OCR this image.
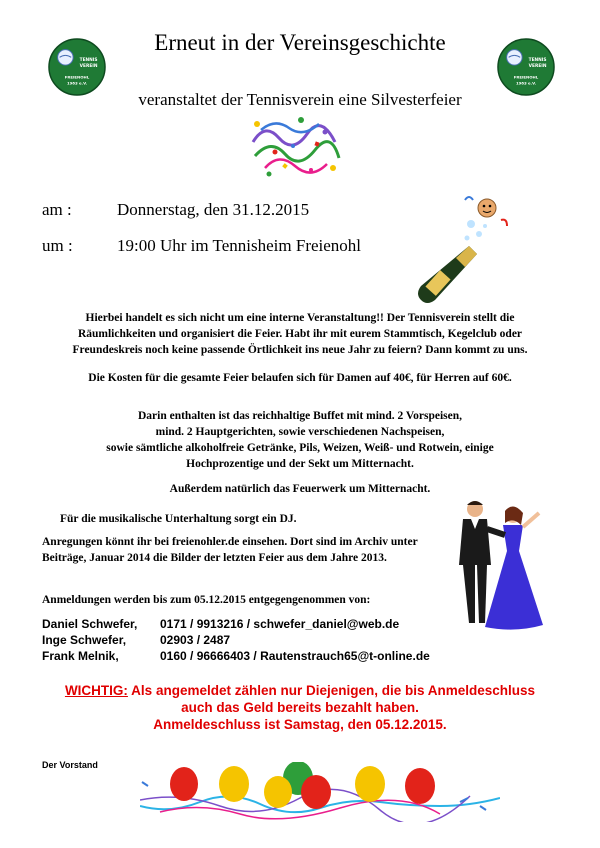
TENNIS
VEREIN
FREIENOHL
1963 e.V.
TENNIS
VEREIN
FREIENOHL
1963 e.V.
Erneut in der Vereinsgeschichte
veranstaltet der Tennisverein eine Silvesterfeier
am :	Donnerstag, den 31.12.2015
um :	19:00 Uhr im Tennisheim Freienohl
Hierbei handelt es sich nicht um eine interne Veranstaltung!! Der Tennisverein stellt die
Räumlichkeiten und organisiert die Feier. Habt ihr mit eurem Stammtisch, Kegelclub oder
Freundeskreis noch keine passende Örtlichkeit ins neue Jahr zu feiern? Dann kommt zu uns.
Die Kosten für die gesamte Feier belaufen sich für Damen auf 40€, für Herren auf 60€.
Darin enthalten ist das reichhaltige Buffet mit mind. 2 Vorspeisen,
mind. 2 Hauptgerichten, sowie verschiedenen Nachspeisen,
sowie sämtliche alkoholfreie Getränke, Pils, Weizen, Weiß- und Rotwein, einige
Hochprozentige und der Sekt um Mitternacht.
Außerdem natürlich das Feuerwerk um Mitternacht.
Für die musikalische Unterhaltung sorgt ein DJ.
Anregungen könnt ihr bei freienohler.de einsehen. Dort sind im Archiv unter
Beiträge, Januar 2014 die Bilder der letzten Feier aus dem Jahre 2013.
Anmeldungen werden bis zum 05.12.2015 entgegengenommen von:
Daniel Schwefer,	0171 / 9913216 / schwefer_daniel@web.de
Inge Schwefer,	02903 / 2487
Frank Melnik,	0160 / 96666403 / Rautenstrauch65@t-online.de
WICHTIG: Als angemeldet zählen nur Diejenigen, die bis Anmeldeschluss
auch das Geld bereits bezahlt haben.
Anmeldeschluss ist Samstag, den 05.12.2015.
Der Vorstand
